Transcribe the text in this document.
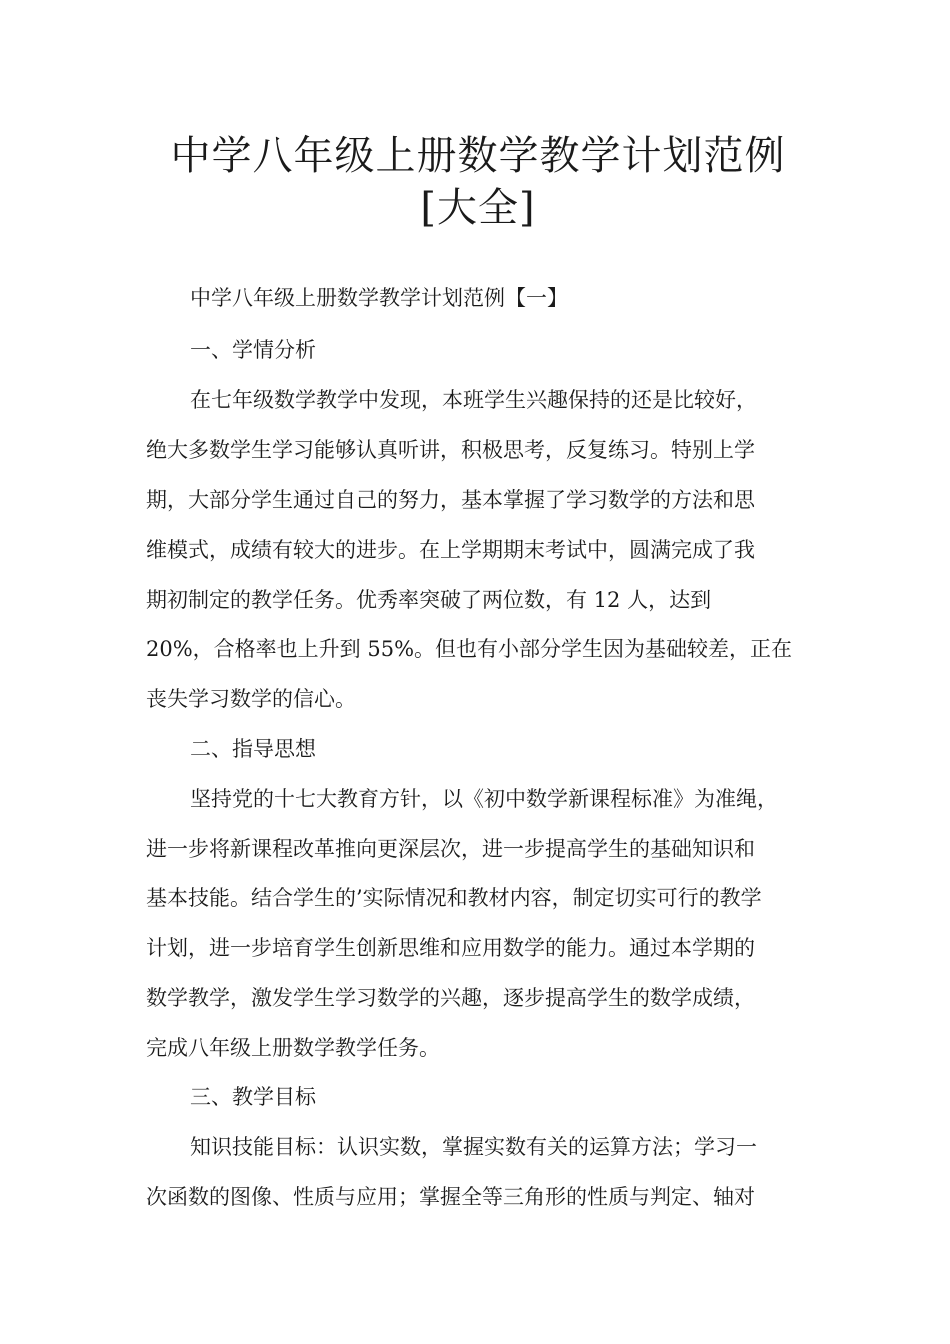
中学八年级上册数学教学计划范例[大全]

中学八年级上册数学教学计划范例【一】

一、学情分析

在七年级数学教学中发现，本班学生兴趣保持的还是比较好，

绝大多数学生学习能够认真听讲，积极思考，反复练习。特别上学

期，大部分学生通过自己的努力，基本掌握了学习数学的方法和思

维模式，成绩有较大的进步。在上学期期末考试中，圆满完成了我

期初制定的教学任务。优秀率突破了两位数，有 12 人，达到

20%，合格率也上升到 55%。但也有小部分学生因为基础较差，正在

丧失学习数学的信心。

二、指导思想

坚持党的十七大教育方针，以《初中数学新课程标准》为准绳，

进一步将新课程改革推向更深层次，进一步提高学生的基础知识和

基本技能。结合学生的’实际情况和教材内容，制定切实可行的教学

计划，进一步培育学生创新思维和应用数学的能力。通过本学期的

数学教学，激发学生学习数学的兴趣，逐步提高学生的数学成绩，

完成八年级上册数学教学任务。

三、教学目标

知识技能目标：认识实数，掌握实数有关的运算方法；学习一

次函数的图像、性质与应用；掌握全等三角形的性质与判定、轴对
